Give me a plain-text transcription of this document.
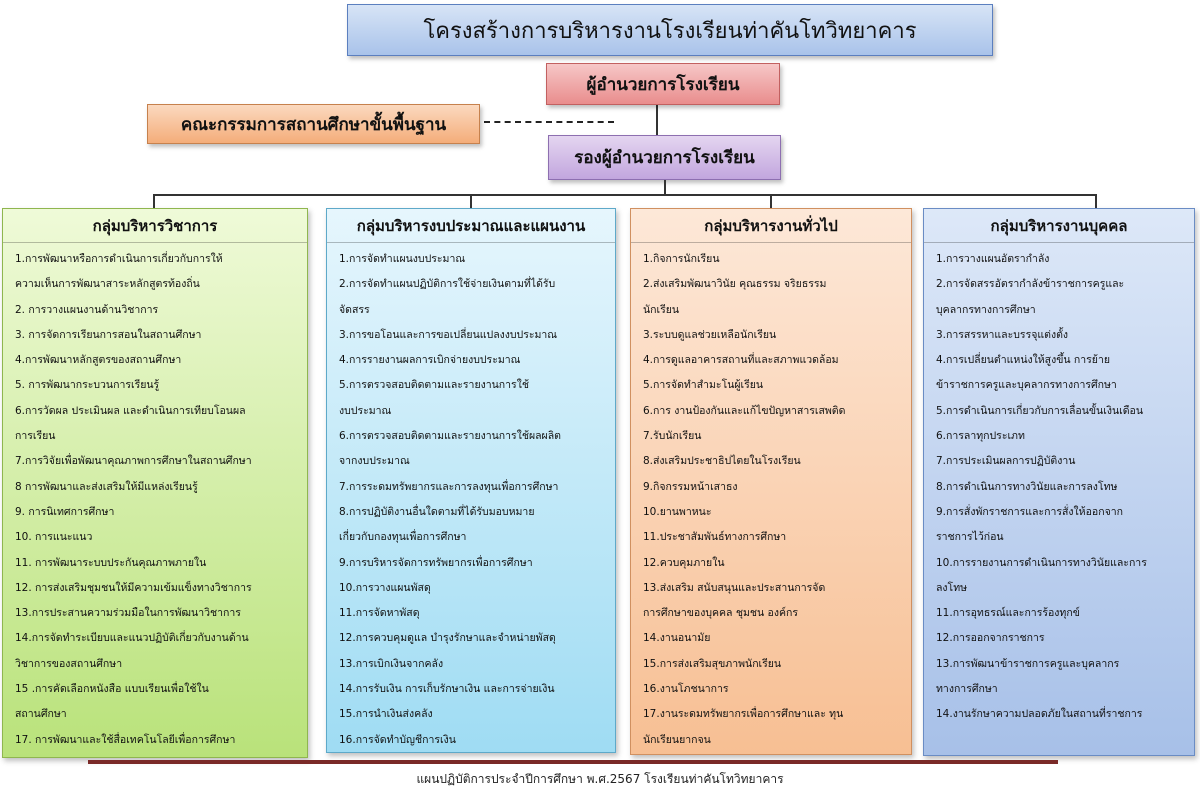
โครงสร้างการบริหารงานโรงเรียนท่าคันโทวิทยาคาร
ผู้อำนวยการโรงเรียน
คณะกรรมการสถานศึกษาขั้นพื้นฐาน
รองผู้อำนวยการโรงเรียน
กลุ่มบริหารวิชาการ
1.การพัฒนาหรือการดำเนินการเกี่ยวกับการให้
ความเห็นการพัฒนาสาระหลักสูตรท้องถิ่น
2. การวางแผนงานด้านวิชาการ
3. การจัดการเรียนการสอนในสถานศึกษา
4.การพัฒนาหลักสูตรของสถานศึกษา
5. การพัฒนากระบวนการเรียนรู้
6.การวัดผล ประเมินผล และดำเนินการเทียบโอนผล
การเรียน
7.การวิจัยเพื่อพัฒนาคุณภาพการศึกษาในสถานศึกษา
8 การพัฒนาและส่งเสริมให้มีแหล่งเรียนรู้
9. การนิเทศการศึกษา
10. การแนะแนว
11. การพัฒนาระบบประกันคุณภาพภายใน
12. การส่งเสริมชุมชนให้มีความเข้มแข็งทางวิชาการ
13.การประสานความร่วมมือในการพัฒนาวิชาการ
14.การจัดทำระเบียบและแนวปฏิบัติเกี่ยวกับงานด้าน
วิชาการของสถานศึกษา
15 .การคัดเลือกหนังสือ แบบเรียนเพื่อใช้ใน
สถานศึกษา
17. การพัฒนาและใช้สื่อเทคโนโลยีเพื่อการศึกษา
กลุ่มบริหารงบประมาณและแผนงาน
1.การจัดทำแผนงบประมาณ
2.การจัดทำแผนปฏิบัติการใช้จ่ายเงินตามที่ได้รับ
จัดสรร
3.การขอโอนและการขอเปลี่ยนแปลงงบประมาณ
4.การรายงานผลการเบิกจ่ายงบประมาณ
5.การตรวจสอบติดตามและรายงานการใช้
งบประมาณ
6.การตรวจสอบติดตามและรายงานการใช้ผลผลิต
จากงบประมาณ
7.การระดมทรัพยากรและการลงทุนเพื่อการศึกษา
8.การปฏิบัติงานอื่นใดตามที่ได้รับมอบหมาย
เกี่ยวกับกองทุนเพื่อการศึกษา
9.การบริหารจัดการทรัพยากรเพื่อการศึกษา
10.การวางแผนพัสดุ
11.การจัดหาพัสดุ
12.การควบคุมดูแล บำรุงรักษาและจำหน่ายพัสดุ
13.การเบิกเงินจากคลัง
14.การรับเงิน การเก็บรักษาเงิน และการจ่ายเงิน
15.การนำเงินส่งคลัง
16.การจัดทำบัญชีการเงิน
กลุ่มบริหารงานทั่วไป
1.กิจการนักเรียน
2.ส่งเสริมพัฒนาวินัย คุณธรรม จริยธรรม
นักเรียน
3.ระบบดูแลช่วยเหลือนักเรียน
4.การดูแลอาคารสถานที่และสภาพแวดล้อม
5.การจัดทำสำมะโนผู้เรียน
6.การ งานป้องกันและแก้ไขปัญหาสารเสพติด
7.รับนักเรียน
8.ส่งเสริมประชาธิปไตยในโรงเรียน
9.กิจกรรมหน้าเสาธง
10.ยานพาหนะ
11.ประชาสัมพันธ์ทางการศึกษา
12.ควบคุมภายใน
13.ส่งเสริม สนับสนุนและประสานการจัด
การศึกษาของบุคคล ชุมชน องค์กร
14.งานอนามัย
15.การส่งเสริมสุขภาพนักเรียน
16.งานโภชนาการ
17.งานระดมทรัพยากรเพื่อการศึกษาและ ทุน
นักเรียนยากจน
กลุ่มบริหารงานบุคคล
1.การวางแผนอัตรากำลัง
2.การจัดสรรอัตรากำลังข้าราชการครูและ
บุคลากรทางการศึกษา
3.การสรรหาและบรรจุแต่งตั้ง
4.การเปลี่ยนตำแหน่งให้สูงขึ้น การย้าย
ข้าราชการครูและบุคลากรทางการศึกษา
5.การดำเนินการเกี่ยวกับการเลื่อนขั้นเงินเดือน
6.การลาทุกประเภท
7.การประเมินผลการปฏิบัติงาน
8.การดำเนินการทางวินัยและการลงโทษ
9.การสั่งพักราชการและการสั่งให้ออกจาก
ราชการไว้ก่อน
10.การรายงานการดำเนินการทางวินัยและการ
ลงโทษ
11.การอุทธรณ์และการร้องทุกข์
12.การออกจากราชการ
13.การพัฒนาข้าราชการครูและบุคลากร
ทางการศึกษา
14.งานรักษาความปลอดภัยในสถานที่ราชการ
แผนปฏิบัติการประจำปีการศึกษา พ.ศ.2567 โรงเรียนท่าคันโทวิทยาคาร
